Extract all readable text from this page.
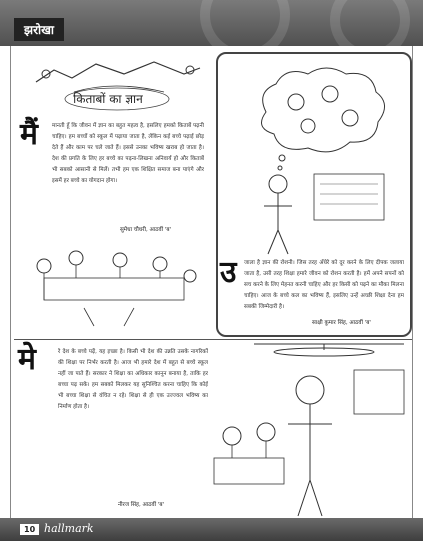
झरोखा
किताबों का ज्ञान
मैं	मानती हूँ कि जीवन में ज्ञान का बहुत महत्व है, इसलिए हमको किताबें पढ़नी चाहिए। हम बच्चों को स्कूल में पढ़ाया जाता है, लेकिन कई बच्चे पढ़ाई छोड़ देते हैं और काम पर चले जाते हैं। इससे उनका भविष्य खराब हो जाता है। देश की प्रगति के लिए हर बच्चे का पढ़ना-लिखना अनिवार्य हो और किताबें भी सबको आसानी से मिलें। तभी हम एक शिक्षित समाज बना पाएंगे और इसमें हर बच्चे का योगदान होगा।
सुमेधा चौधरी, आठवीं 'ब'
उ जाला है ज्ञान की रोशनी। जिस तरह अँधेरे को दूर करने के लिए दीपक जलाया जाता है, उसी तरह शिक्षा हमारे जीवन को रोशन करती है। हमें अपने सपनों को सच करने के लिए मेहनत करनी चाहिए और हर किसी को पढ़ने का मौका मिलना चाहिए। आज के बच्चे कल का भविष्य हैं, इसलिए उन्हें अच्छी शिक्षा देना हम सबकी जिम्मेदारी है।
साक्षी कुमार सिंह, आठवीं 'ब'
मे	रे देश के बच्चे पढ़ें, यह इच्छा है। किसी भी देश की उन्नति उसके नागरिकों की शिक्षा पर निर्भर करती है। आज भी हमारे देश में बहुत से बच्चे स्कूल नहीं जा पाते हैं। सरकार ने शिक्षा का अधिकार कानून बनाया है, ताकि हर बच्चा पढ़ सके। हम सबको मिलकर यह सुनिश्चित करना चाहिए कि कोई भी बच्चा शिक्षा से वंचित न रहे। शिक्षा से ही एक उज्ज्वल भविष्य का निर्माण होता है।
नीरज सिंह, आठवीं 'ब'
10 hallmark
